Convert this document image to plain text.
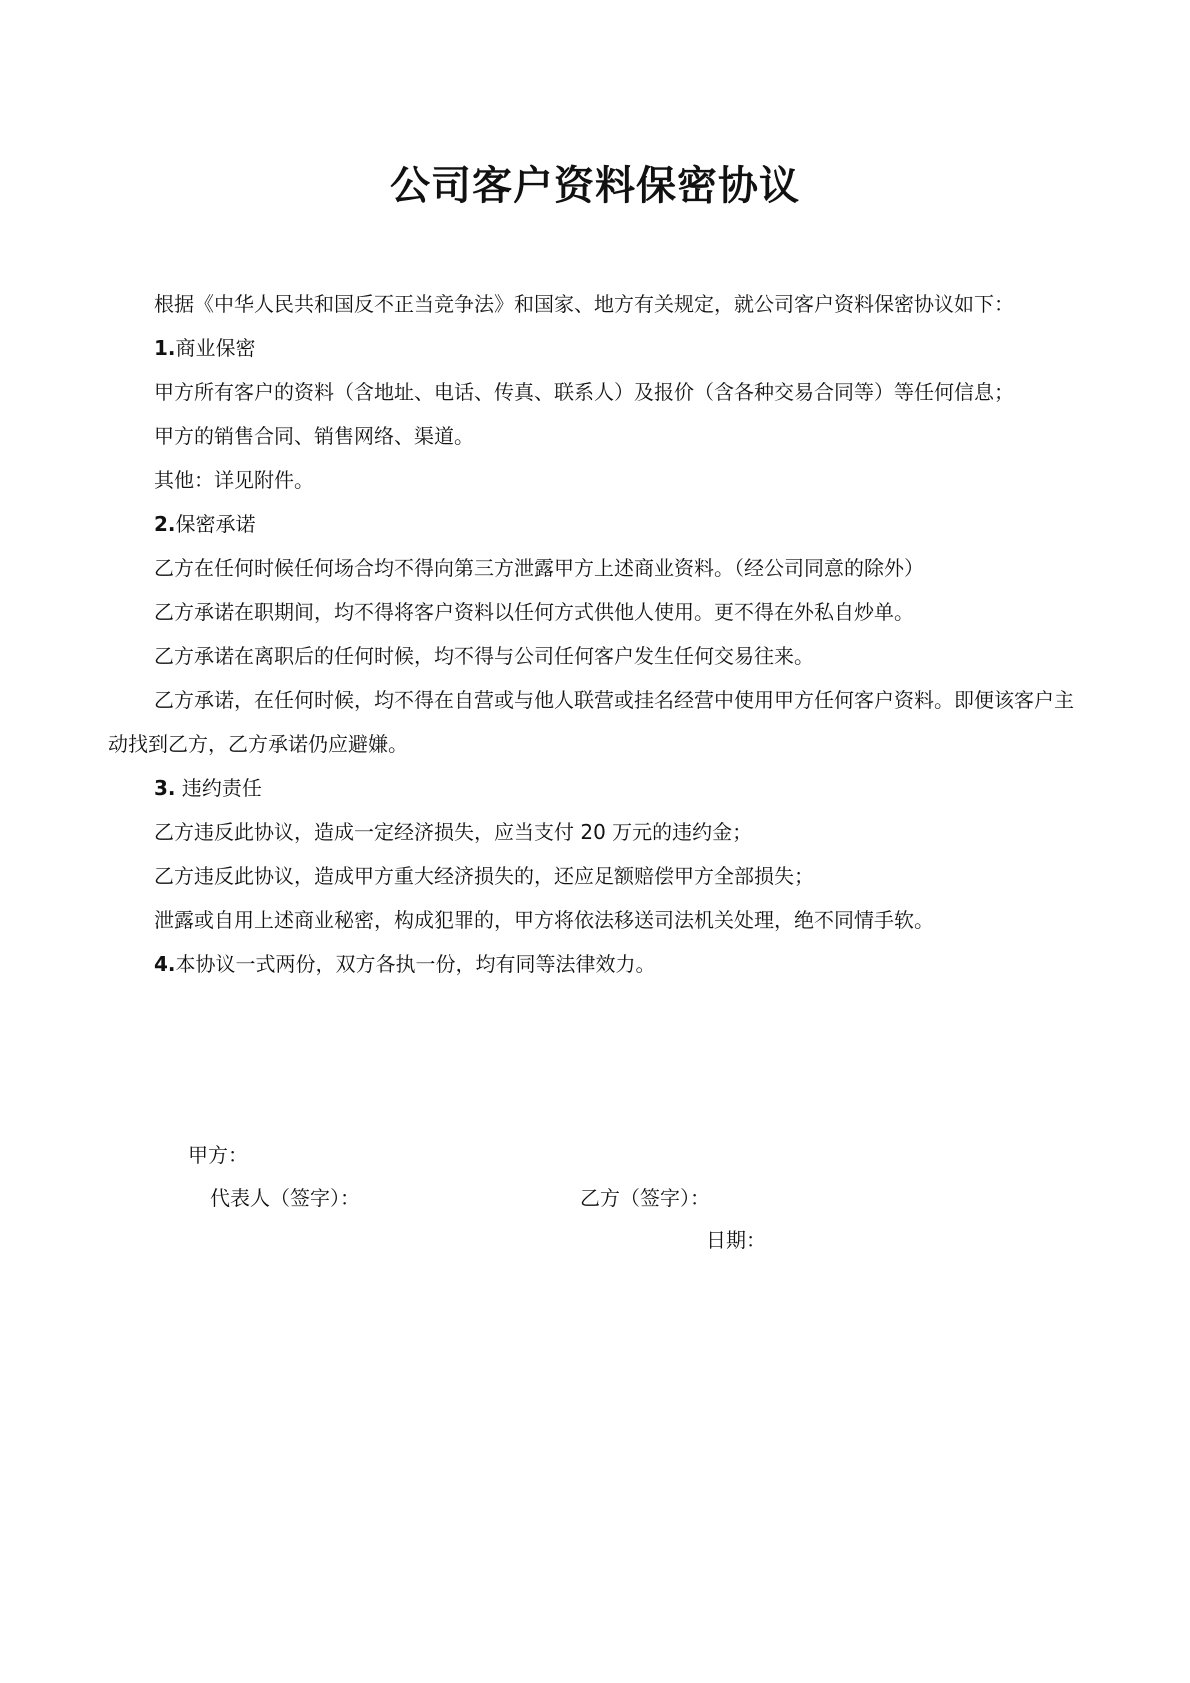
公司客户资料保密协议

根据《中华人民共和国反不正当竞争法》和国家、地方有关规定，就公司客户资料保密协议如下：

1.商业保密

甲方所有客户的资料（含地址、电话、传真、联系人）及报价（含各种交易合同等）等任何信息；

甲方的销售合同、销售网络、渠道。

其他：详见附件。

2.保密承诺

乙方在任何时候任何场合均不得向第三方泄露甲方上述商业资料。（经公司同意的除外）

乙方承诺在职期间，均不得将客户资料以任何方式供他人使用。更不得在外私自炒单。

乙方承诺在离职后的任何时候，均不得与公司任何客户发生任何交易往来。

乙方承诺，在任何时候，均不得在自营或与他人联营或挂名经营中使用甲方任何客户资料。即便该客户主动找到乙方，乙方承诺仍应避嫌。

3. 违约责任

乙方违反此协议，造成一定经济损失，应当支付 20 万元的违约金；

乙方违反此协议，造成甲方重大经济损失的，还应足额赔偿甲方全部损失；

泄露或自用上述商业秘密，构成犯罪的，甲方将依法移送司法机关处理，绝不同情手软。

4.本协议一式两份，双方各执一份，均有同等法律效力。

甲方：
代表人（签字）：	乙方（签字）：
日期：
